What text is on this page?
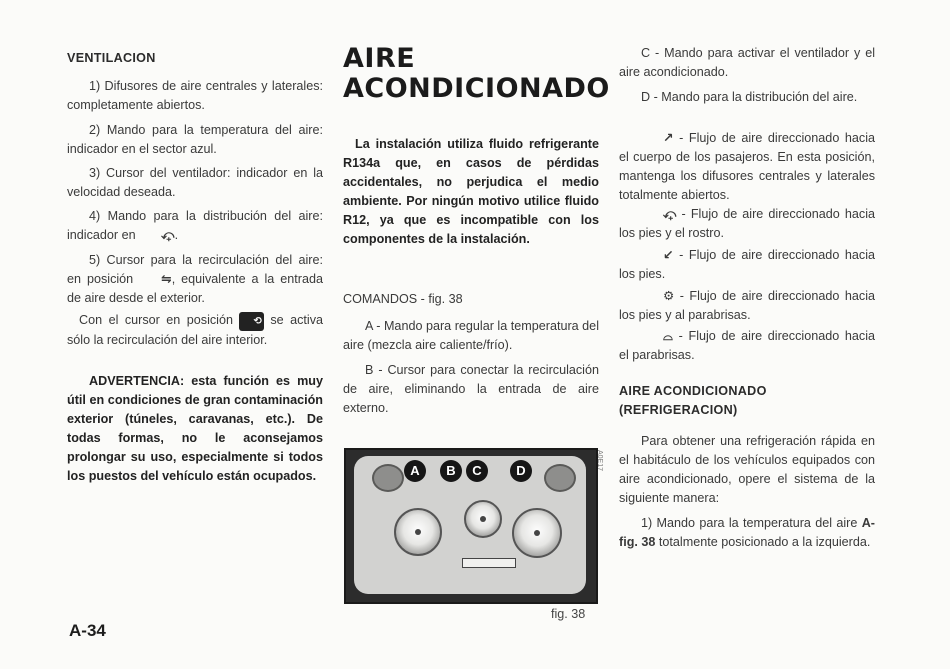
VENTILACION

1) Difusores de aire centrales y laterales: completamente abiertos.

2) Mando para la temperatura del aire: indicador en el sector azul.

3) Cursor del ventilador: indicador en la velocidad deseada.

4) Mando para la distribución del aire: indicador en ⤽.

5) Cursor para la recirculación del aire: en posición ⇋, equivalente a la entrada de aire desde el exterior.

Con el cursor en posición ⟲ se activa sólo la recirculación del aire interior.

ADVERTENCIA: esta función es muy útil en condiciones de gran contaminación exterior (túneles, caravanas, etc.). De todas formas, no le aconsejamos prolongar su uso, especialmente si todos los puestos del vehículo están ocupados.

A-34
AIRE
ACONDICIONADO

La instalación utiliza fluido refrigerante R134a que, en casos de pérdidas accidentales, no perjudica el medio ambiente. Por ningún motivo utilice fluido R12, ya que es incompatible con los componentes de la instalación.

COMANDOS - fig. 38

A - Mando para regular la temperatura del aire (mezcla aire caliente/frío).

B - Cursor para conectar la recirculación de aire, eliminando la entrada de aire externo.

A	B	C	D	A0E17
fig. 38

C - Mando para activar el ventilador y el aire acondicionado.

D - Mando para la distribución del aire.

↗ - Flujo de aire direccionado hacia el cuerpo de los pasajeros. En esta posición, mantenga los difusores centrales y laterales totalmente abiertos.

⤽ - Flujo de aire direccionado hacia los pies y el rostro.

↙ - Flujo de aire direccionado hacia los pies.

⚙ - Flujo de aire direccionado hacia los pies y al parabrisas.

⌓ - Flujo de aire direccionado hacia el parabrisas.

AIRE ACONDICIONADO
(REFRIGERACION)

Para obtener una refrigeración rápida en el habitáculo de los vehículos equipados con aire acondicionado, opere el sistema de la siguiente manera:

1) Mando para la temperatura del aire A-fig. 38 totalmente posicionado a la izquierda.
